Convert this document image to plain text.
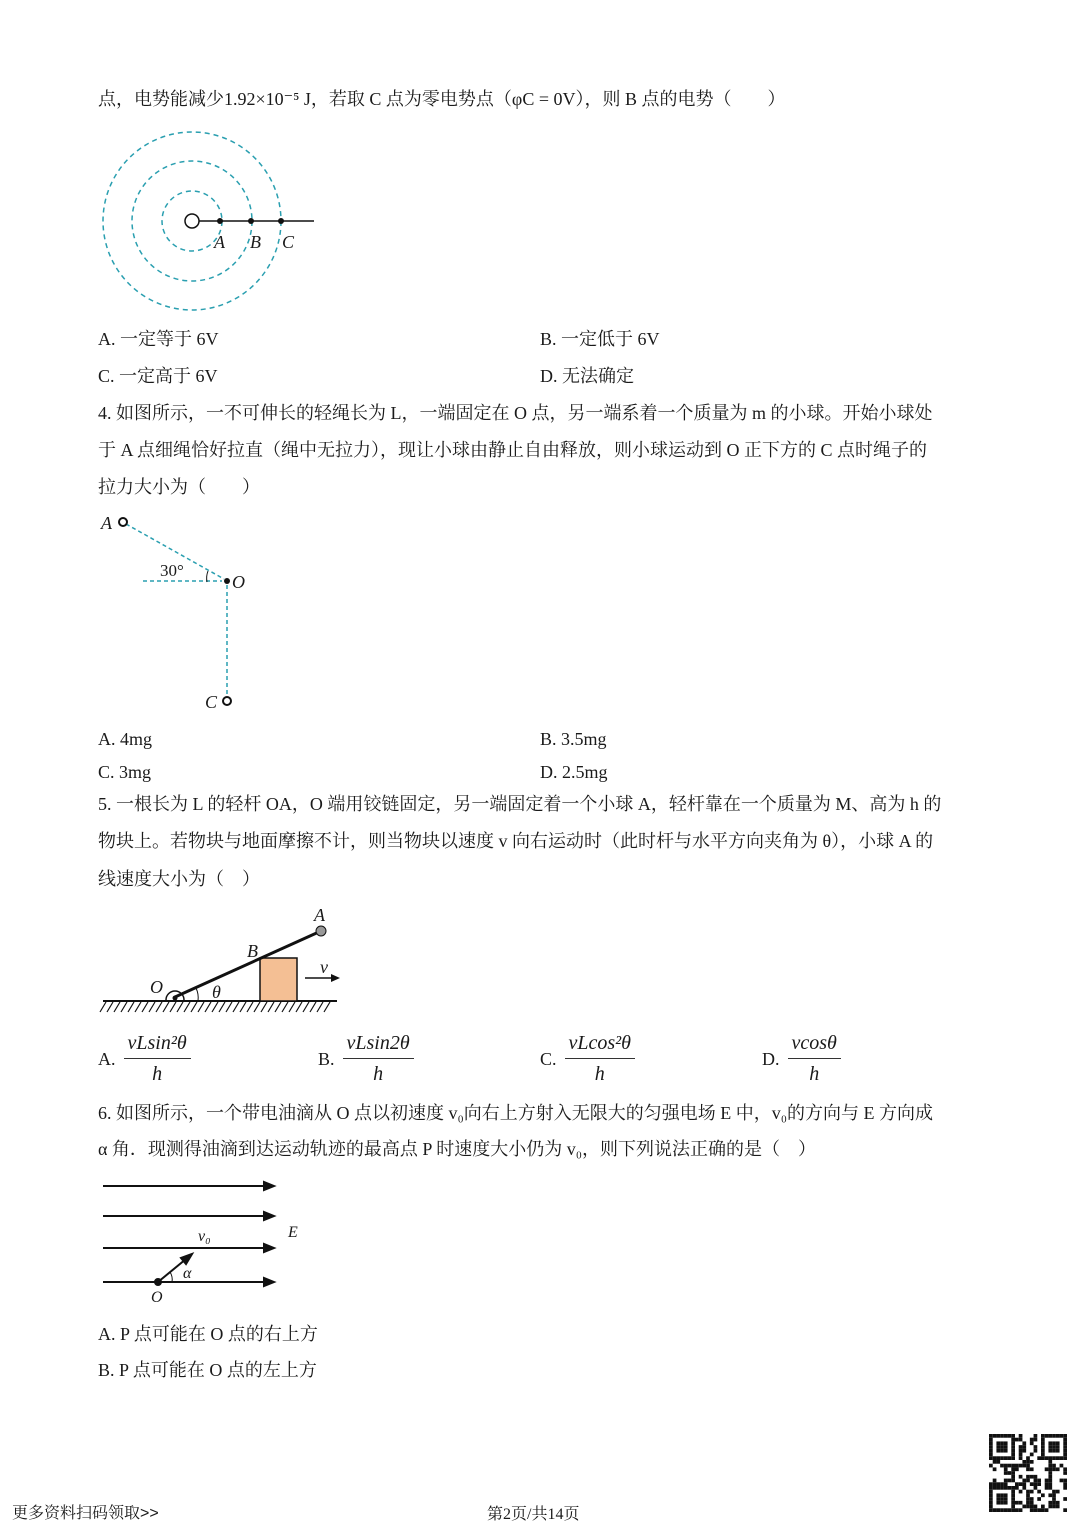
点，电势能减少1.92×10⁻⁵ J，若取 C 点为零电势点（φC = 0V），则 B 点的电势（　　）
A B C
A. 一定等于 6V	B. 一定低于 6V
C. 一定高于 6V	D. 无法确定
4. 如图所示，一不可伸长的轻绳长为 L，一端固定在 O 点，另一端系着一个质量为 m 的小球。开始小球处
于 A 点细绳恰好拉直（绳中无拉力），现让小球由静止自由释放，则小球运动到 O 正下方的 C 点时绳子的
拉力大小为（　　）
A
O
C
30°
A. 4mg	B. 3.5mg
C. 3mg	D. 2.5mg
5. 一根长为 L 的轻杆 OA，O 端用铰链固定，另一端固定着一个小球 A，轻杆靠在一个质量为 M、高为 h 的
物块上。若物块与地面摩擦不计，则当物块以速度 v 向右运动时（此时杆与水平方向夹角为 θ），小球 A 的
线速度大小为（　）
A
B
O	θ
v
A. $\frac{\text{vLsin²θ}}{h}$	B. $\frac{vLsin2\theta}{h}$	C. $\frac{\text{vLcos²θ}}{h}$	D. $\frac{vcos\theta}{h}$
6. 如图所示，一个带电油滴从 O 点以初速度 v₀向右上方射入无限大的匀强电场 E 中，v₀的方向与 E 方向成
α 角．现测得油滴到达运动轨迹的最高点 P 时速度大小仍为 v₀，则下列说法正确的是（　）
v₀	E
O
α
A. P 点可能在 O 点的右上方
B. P 点可能在 O 点的左上方
更多资料扫码领取>>	第2页/共14页
